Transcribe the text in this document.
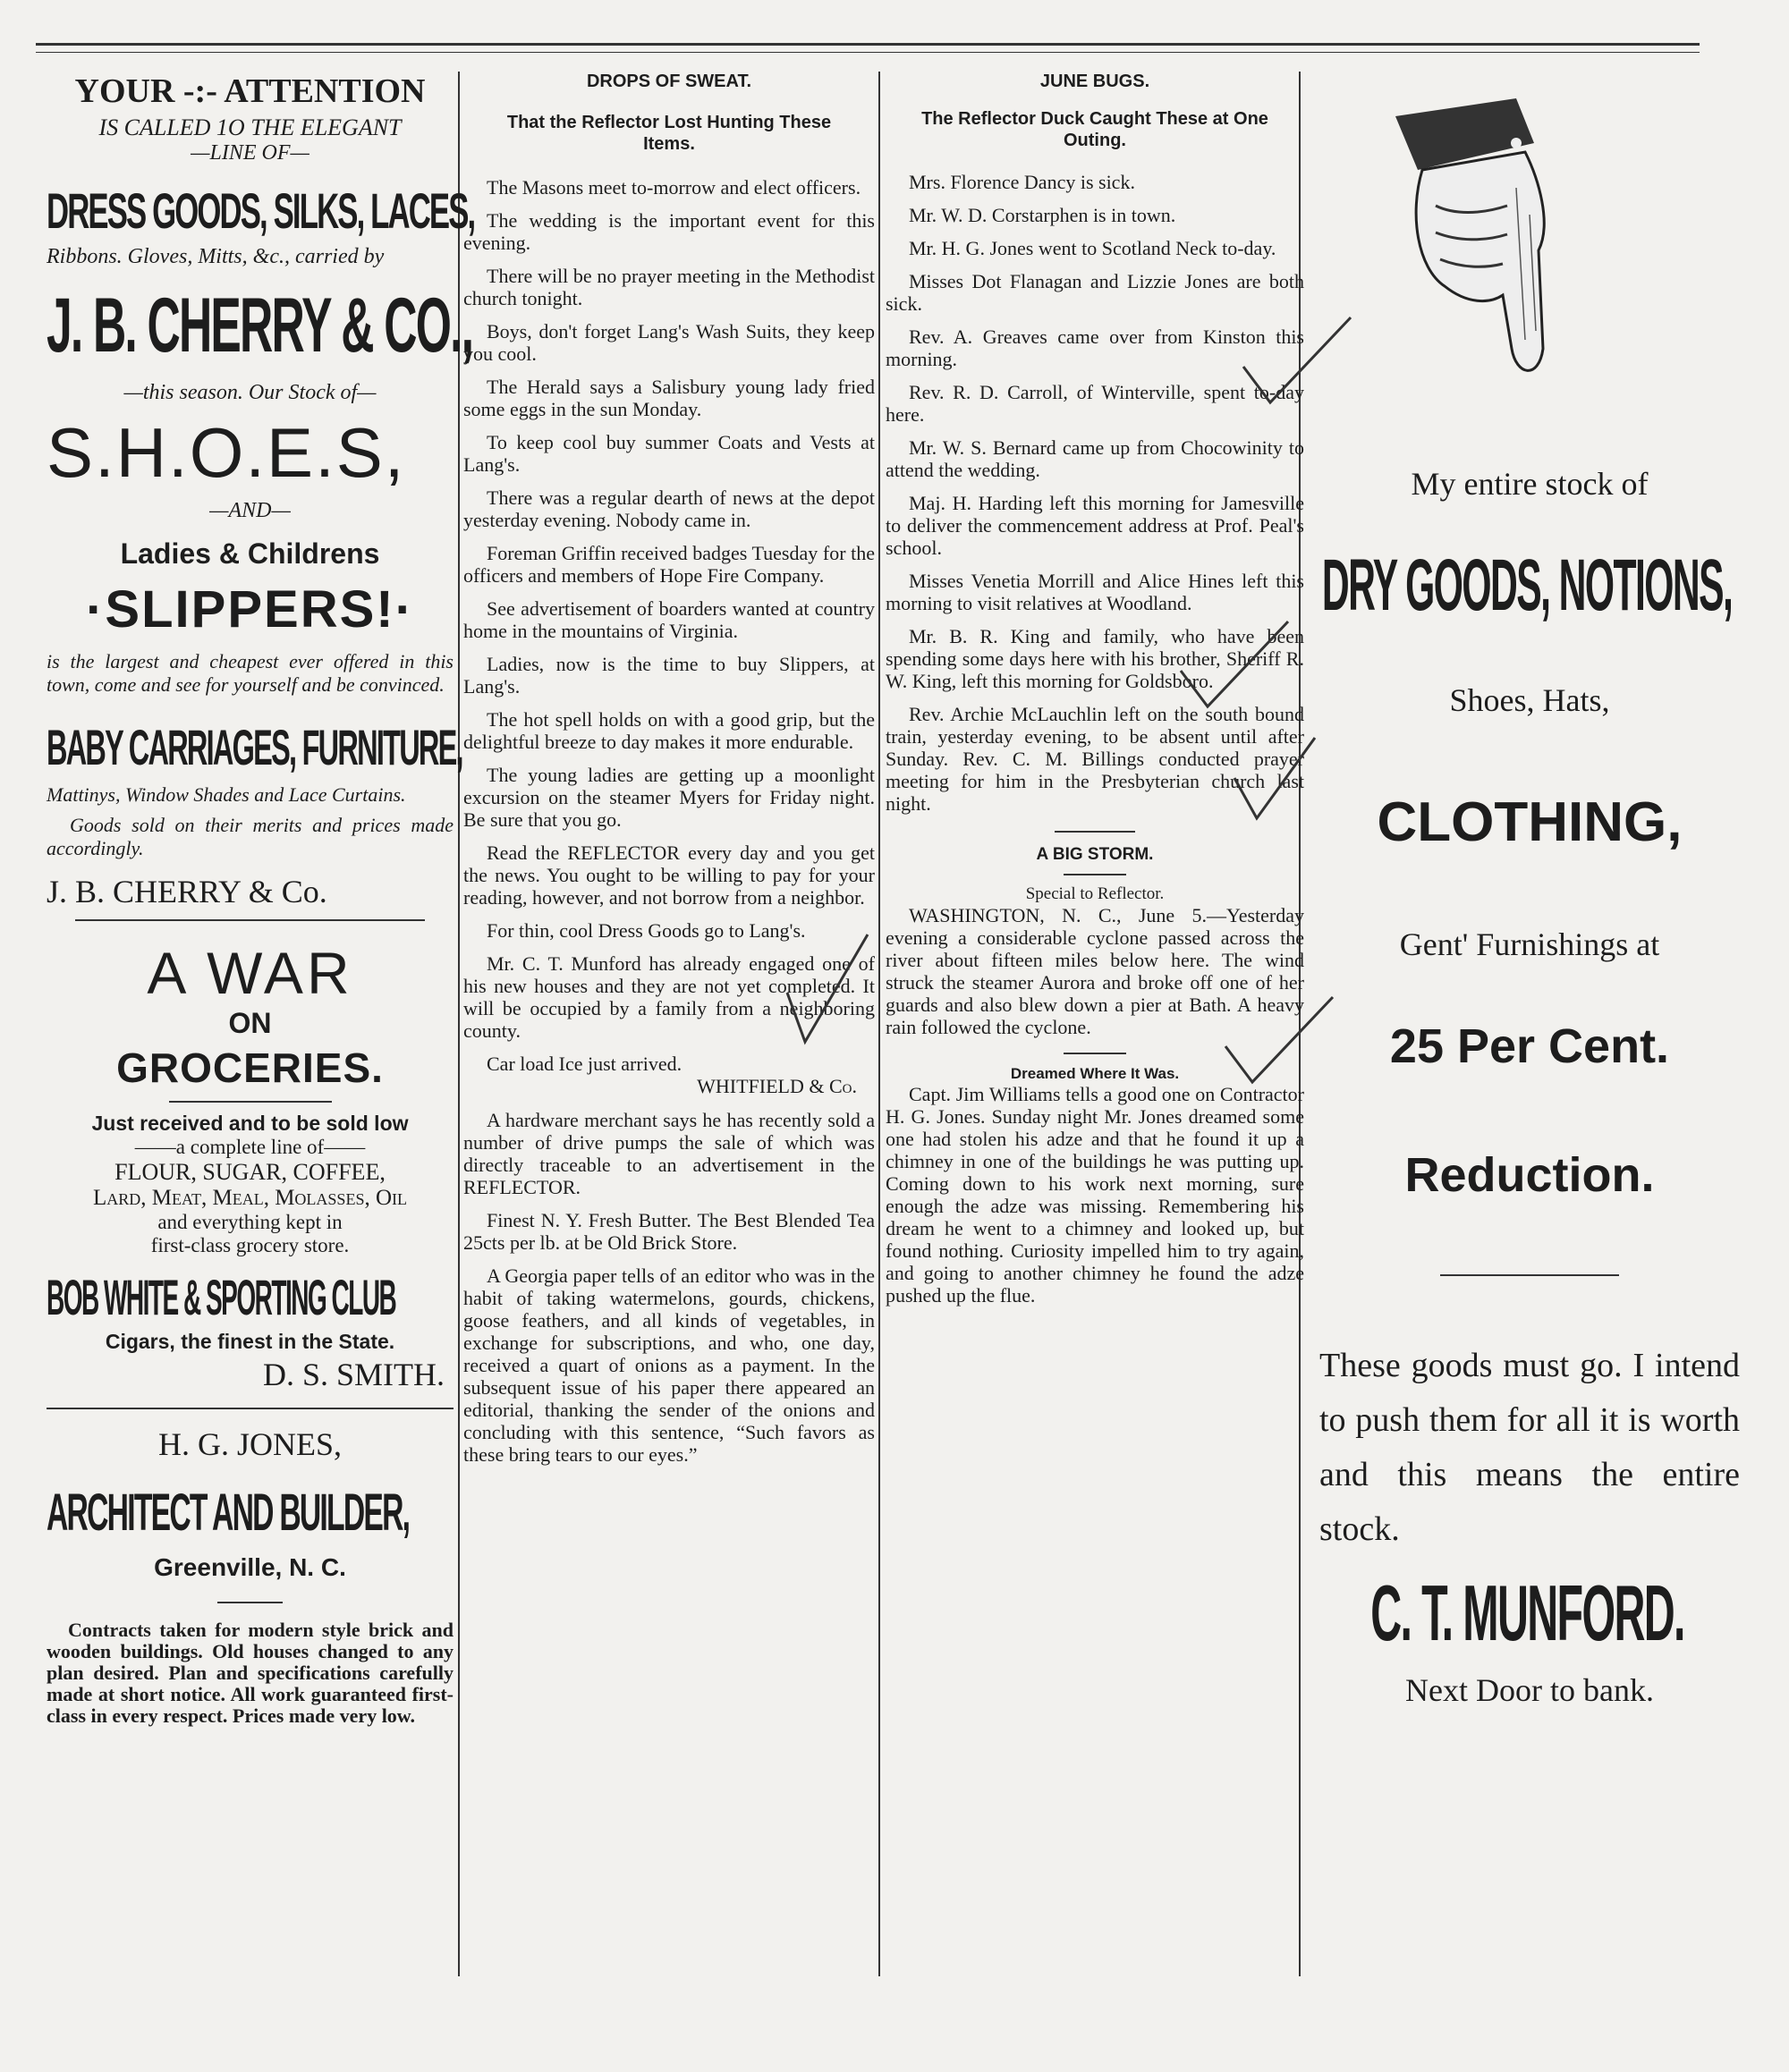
YOUR -:- ATTENTION
IS CALLED 1O THE ELEGANT
—LINE OF—
DRESS GOODS, SILKS, LACES,
Ribbons. Gloves, Mitts, &c., carried by
J. B. CHERRY & CO.,
—this season. Our Stock of—
S.H.O.E.S,
—AND—
Ladies & Childrens
·SLIPPERS!·
is the largest and cheapest ever offered in this town, come and see for yourself and be convinced.
BABY CARRIAGES, FURNITURE,
Mattinys, Window Shades and Lace Curtains.
Goods sold on their merits and prices made accordingly.
J. B. CHERRY & Co.
A WAR
ON
GROCERIES.
Just received and to be sold low
——a complete line of——
FLOUR, SUGAR, COFFEE,
Lard, Meat, Meal, Molasses, Oil
and everything kept in
first-class grocery store.
BOB WHITE & SPORTING CLUB
Cigars, the finest in the State.
D. S. SMITH.
H. G. JONES,
ARCHITECT AND BUILDER,
Greenville, N. C.
Contracts taken for modern style brick and wooden buildings. Old houses changed to any plan desired. Plan and specifications carefully made at short notice. All work guaranteed first-class in every respect. Prices made very low.
DROPS OF SWEAT.
That the Reflector Lost Hunting These Items.
The Masons meet to-morrow and elect officers.
The wedding is the important event for this evening.
There will be no prayer meeting in the Methodist church tonight.
Boys, don't forget Lang's Wash Suits, they keep you cool.
The Herald says a Salisbury young lady fried some eggs in the sun Monday.
To keep cool buy summer Coats and Vests at Lang's.
There was a regular dearth of news at the depot yesterday evening. Nobody came in.
Foreman Griffin received badges Tuesday for the officers and members of Hope Fire Company.
See advertisement of boarders wanted at country home in the mountains of Virginia.
Ladies, now is the time to buy Slippers, at Lang's.
The hot spell holds on with a good grip, but the delightful breeze to day makes it more endurable.
The young ladies are getting up a moonlight excursion on the steamer Myers for Friday night. Be sure that you go.
Read the REFLECTOR every day and you get the news. You ought to be willing to pay for your reading, however, and not borrow from a neighbor.
For thin, cool Dress Goods go to Lang's.
Mr. C. T. Munford has already engaged one of his new houses and they are not yet completed. It will be occupied by a family from a neighboring county.
Car load Ice just arrived.
WHITFIELD & Co.
A hardware merchant says he has recently sold a number of drive pumps the sale of which was directly traceable to an advertisement in the REFLECTOR.
Finest N. Y. Fresh Butter. The Best Blended Tea 25cts per lb. at be Old Brick Store.
A Georgia paper tells of an editor who was in the habit of taking watermelons, gourds, chickens, goose feathers, and all kinds of vegetables, in exchange for subscriptions, and who, one day, received a quart of onions as a payment. In the subsequent issue of his paper there appeared an editorial, thanking the sender of the onions and concluding with this sentence, “Such favors as these bring tears to our eyes.”
JUNE BUGS.
The Reflector Duck Caught These at One Outing.
Mrs. Florence Dancy is sick.
Mr. W. D. Corstarphen is in town.
Mr. H. G. Jones went to Scotland Neck to-day.
Misses Dot Flanagan and Lizzie Jones are both sick.
Rev. A. Greaves came over from Kinston this morning.
Rev. R. D. Carroll, of Winterville, spent to-day here.
Mr. W. S. Bernard came up from Chocowinity to attend the wedding.
Maj. H. Harding left this morning for Jamesville to deliver the commencement address at Prof. Peal's school.
Misses Venetia Morrill and Alice Hines left this morning to visit relatives at Woodland.
Mr. B. R. King and family, who have been spending some days here with his brother, Sheriff R. W. King, left this morning for Goldsboro.
Rev. Archie McLauchlin left on the south bound train, yesterday evening, to be absent until after Sunday. Rev. C. M. Billings conducted prayer meeting for him in the Presbyterian church last night.
A BIG STORM.
Special to Reflector.
WASHINGTON, N. C., June 5.—Yesterday evening a considerable cyclone passed across the river about fifteen miles below here. The wind struck the steamer Aurora and broke off one of her guards and also blew down a pier at Bath. A heavy rain followed the cyclone.
Dreamed Where It Was.
Capt. Jim Williams tells a good one on Contractor H. G. Jones. Sunday night Mr. Jones dreamed some one had stolen his adze and that he found it up a chimney in one of the buildings he was putting up. Coming down to his work next morning, sure enough the adze was missing. Remembering his dream he went to a chimney and looked up, but found nothing. Curiosity impelled him to try again, and going to another chimney he found the adze pushed up the flue.
My entire stock of
DRY GOODS, NOTIONS,
Shoes, Hats,
CLOTHING,
Gent' Furnishings at
25 Per Cent.
Reduction.
These goods must go. I intend to push them for all it is worth and this means the entire stock.
C. T. MUNFORD.
Next Door to bank.
